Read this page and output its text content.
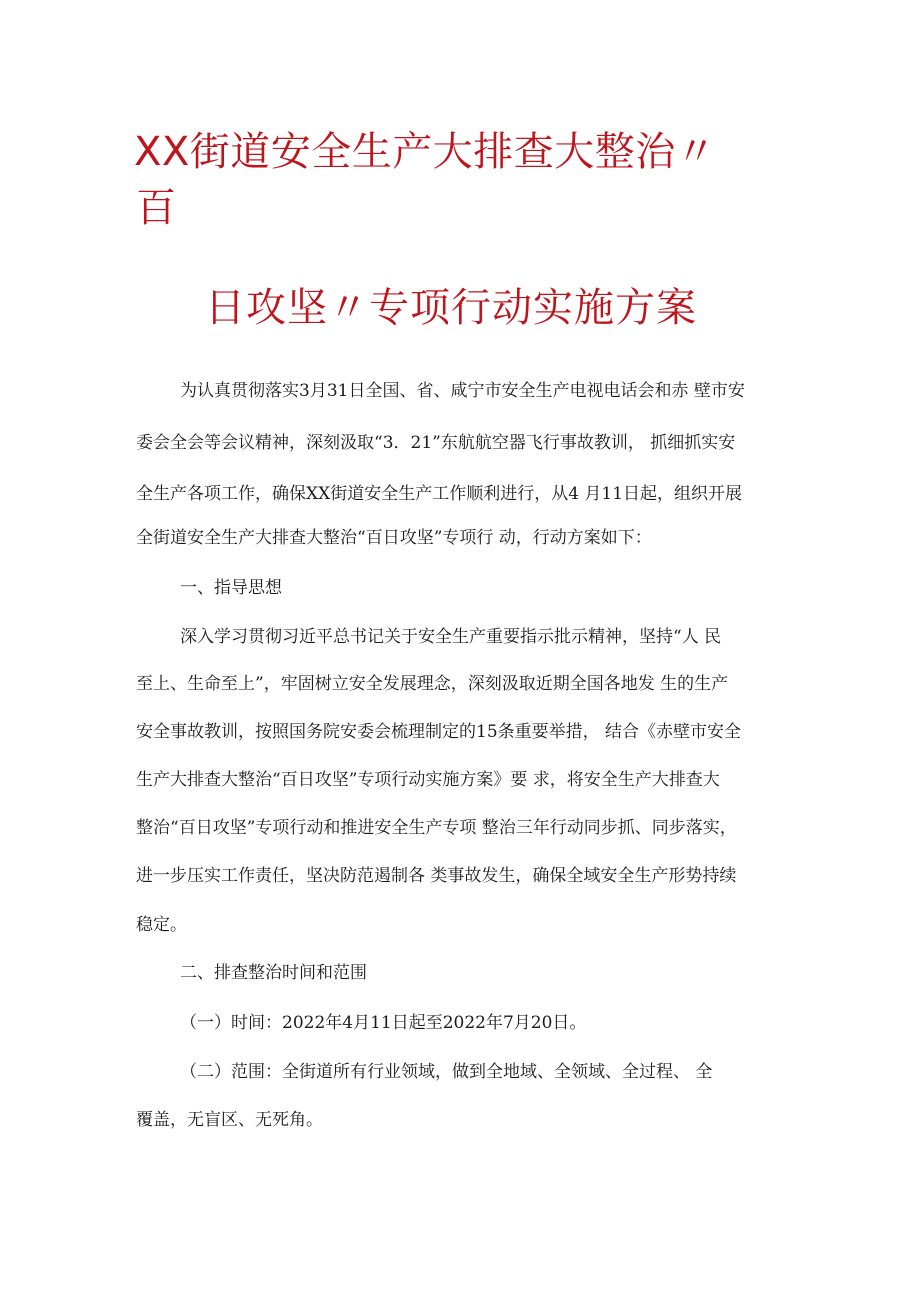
XX街道安全生产大排查大整治〃
百
日攻坚〃专项行动实施方案
为认真贯彻落实3月31日全国、省、咸宁市安全生产电视电话会和赤 壁市安
委会全会等会议精神，深刻汲取“3．21”东航航空器飞行事故教训， 抓细抓实安
全生产各项工作，确保XX街道安全生产工作顺利进行，从4 月11日起，组织开展
全街道安全生产大排查大整治“百日攻坚”专项行 动，行动方案如下：
一、指导思想
深入学习贯彻习近平总书记关于安全生产重要指示批示精神，坚持“人 民
至上、生命至上”，牢固树立安全发展理念，深刻汲取近期全国各地发 生的生产
安全事故教训，按照国务院安委会梳理制定的15条重要举措， 结合《赤壁市安全
生产大排查大整治“百日攻坚”专项行动实施方案》要 求，将安全生产大排查大
整治“百日攻坚”专项行动和推进安全生产专项 整治三年行动同步抓、同步落实，
进一步压实工作责任，坚决防范遏制各 类事故发生，确保全域安全生产形势持续
稳定。
二、排查整治时间和范围
（一）时间：2022年4月11日起至2022年7月20日。
（二）范围：全街道所有行业领域，做到全地域、全领域、全过程、 全
覆盖，无盲区、无死角。
